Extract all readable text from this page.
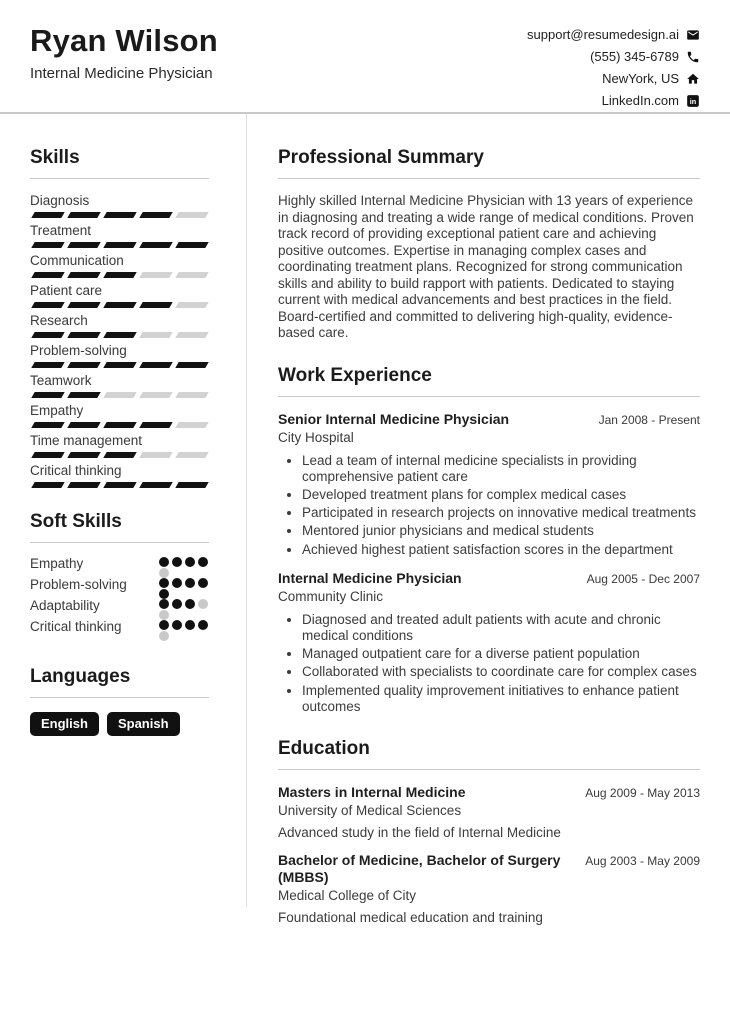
Ryan Wilson
Internal Medicine Physician
support@resumedesign.ai
(555) 345-6789
NewYork, US
LinkedIn.com in
Skills
Diagnosis
Treatment
Communication
Patient care
Research
Problem-solving
Teamwork
Empathy
Time management
Critical thinking
Soft Skills
Empathy
Problem-solving
Adaptability
Critical thinking
Languages
English	Spanish
Professional Summary

Highly skilled Internal Medicine Physician with 13 years of experience in diagnosing and treating a wide range of medical conditions. Proven track record of providing exceptional patient care and achieving positive outcomes. Expertise in managing complex cases and coordinating treatment plans. Recognized for strong communication skills and ability to build rapport with patients. Dedicated to staying current with medical advancements and best practices in the field. Board-certified and committed to delivering high-quality, evidence-based care.

Work Experience
Senior Internal Medicine Physician	Jan 2008 - Present
City Hospital
• Lead a team of internal medicine specialists in providing comprehensive patient care
• Developed treatment plans for complex medical cases
• Participated in research projects on innovative medical treatments
• Mentored junior physicians and medical students
• Achieved highest patient satisfaction scores in the department
Internal Medicine Physician	Aug 2005 - Dec 2007
Community Clinic
• Diagnosed and treated adult patients with acute and chronic medical conditions
• Managed outpatient care for a diverse patient population
• Collaborated with specialists to coordinate care for complex cases
• Implemented quality improvement initiatives to enhance patient outcomes
Education
Masters in Internal Medicine	Aug 2009 - May 2013
University of Medical Sciences
Advanced study in the field of Internal Medicine
Bachelor of Medicine, Bachelor of Surgery (MBBS)
Aug 2003 - May 2009
Medical College of City
Foundational medical education and training
